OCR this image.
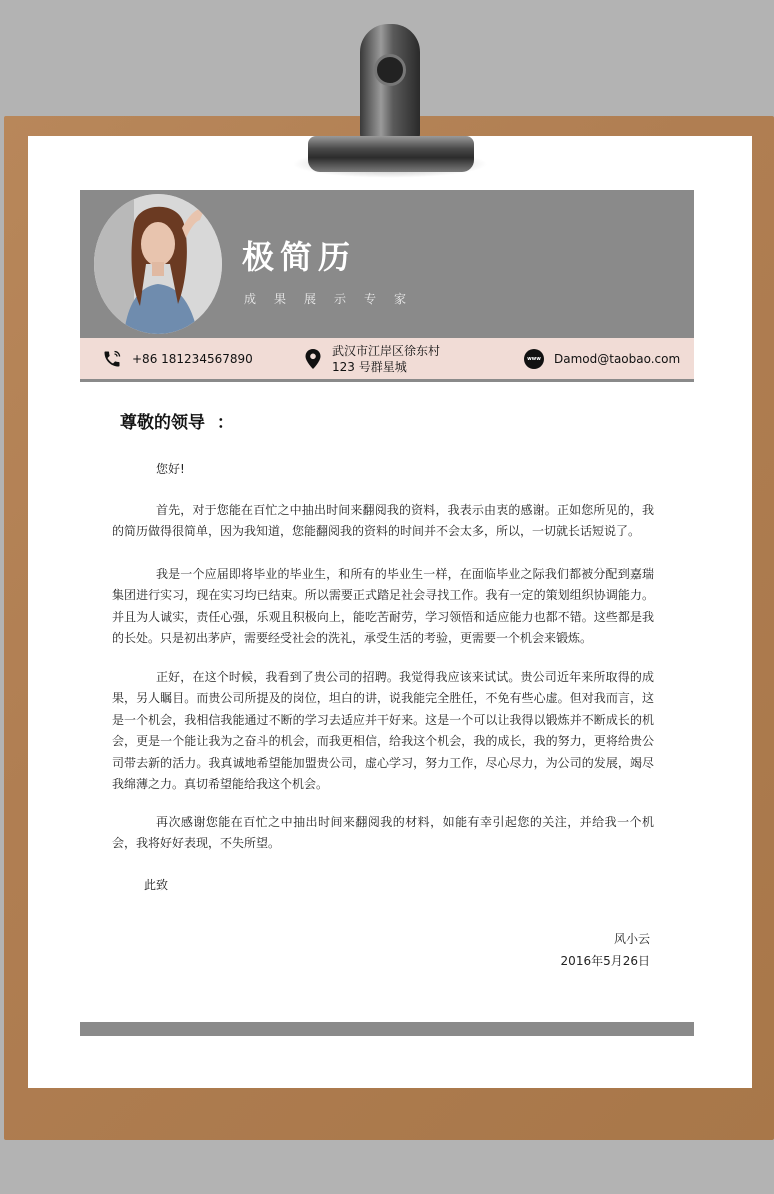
极简历
成果展示专家
+86 181234567890
武汉市江岸区徐东村
123 号群星城
www Damod@taobao.com
尊敬的领导  ：
您好!

首先，对于您能在百忙之中抽出时间来翻阅我的资料，我表示由衷的感谢。正如您所见的，我的简历做得很简单，因为我知道，您能翻阅我的资料的时间并不会太多，所以，一切就长话短说了。

我是一个应届即将毕业的毕业生，和所有的毕业生一样，在面临毕业之际我们都被分配到嘉瑞集团进行实习，现在实习均已结束。所以需要正式踏足社会寻找工作。我有一定的策划组织协调能力。并且为人诚实，责任心强，乐观且积极向上，能吃苦耐劳，学习领悟和适应能力也都不错。这些都是我的长处。只是初出茅庐，需要经受社会的洗礼，承受生活的考验，更需要一个机会来锻炼。

正好，在这个时候，我看到了贵公司的招聘。我觉得我应该来试试。贵公司近年来所取得的成果，另人瞩目。而贵公司所提及的岗位，坦白的讲，说我能完全胜任，不免有些心虚。但对我而言，这是一个机会，我相信我能通过不断的学习去适应并干好来。这是一个可以让我得以锻炼并不断成长的机会，更是一个能让我为之奋斗的机会，而我更相信，给我这个机会，我的成长，我的努力，更将给贵公司带去新的活力。我真诚地希望能加盟贵公司，虚心学习，努力工作，尽心尽力，为公司的发展，竭尽我绵薄之力。真切希望能给我这个机会。

再次感谢您能在百忙之中抽出时间来翻阅我的材料，如能有幸引起您的关注，并给我一个机会，我将好好表现，不失所望。

此致
风小云
2016年5月26日
